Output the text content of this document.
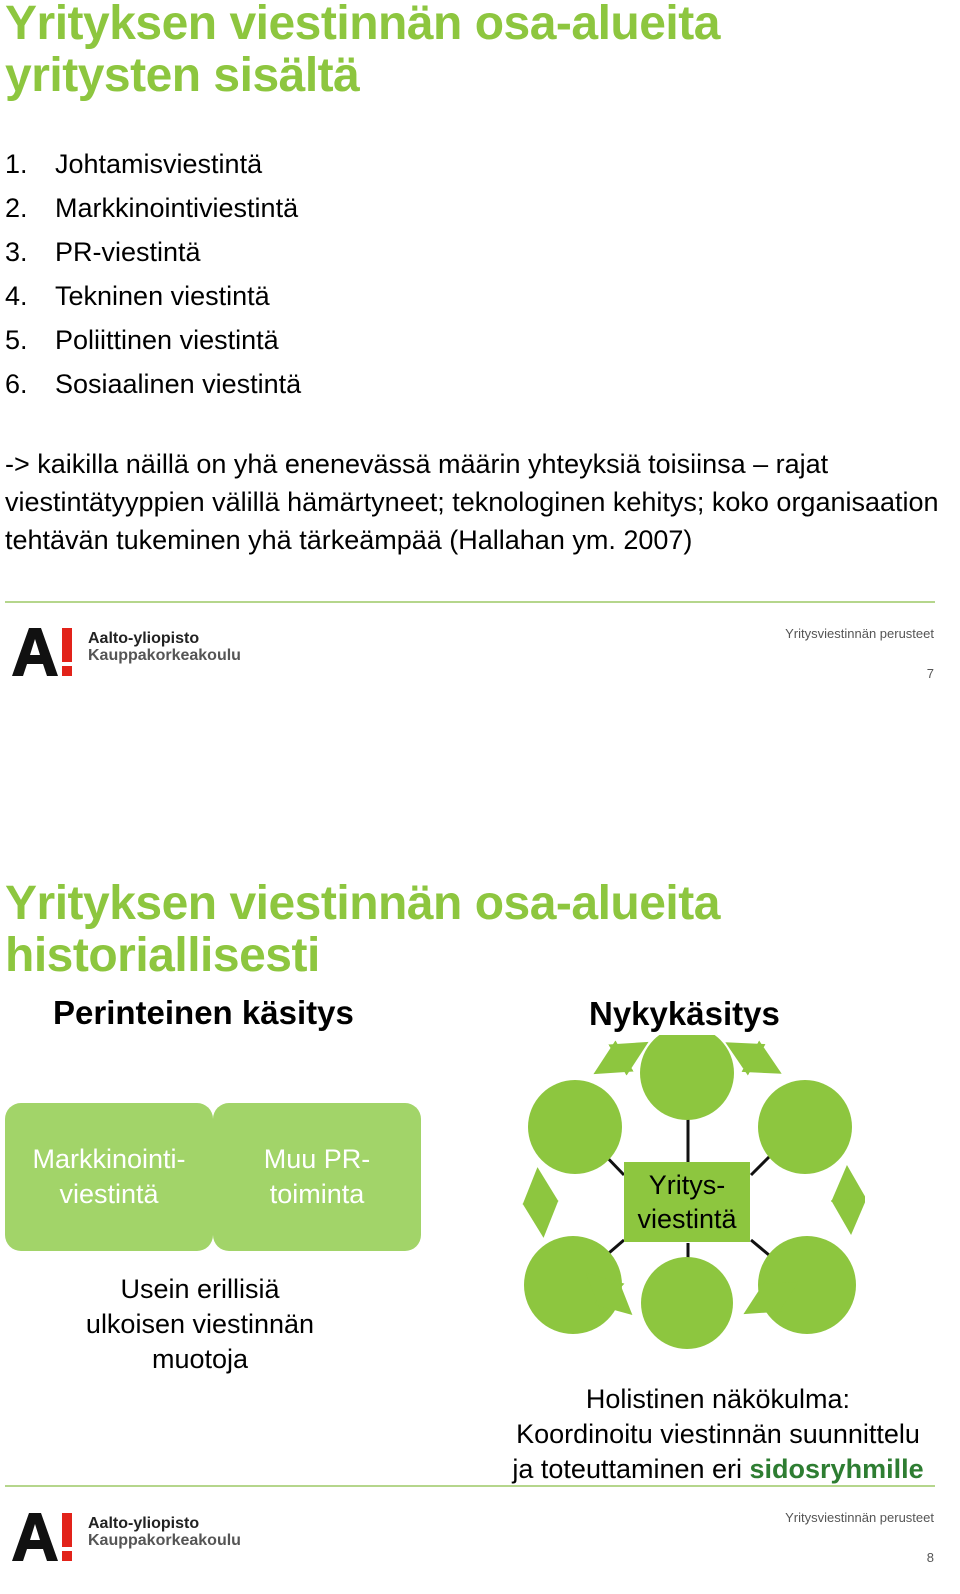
Yrityksen viestinnän osa-alueita
yritysten sisältä
1.	Johtamisviestintä
2.	Markkinointiviestintä
3.	PR-viestintä
4.	Tekninen viestintä
5.	Poliittinen viestintä
6.	Sosiaalinen viestintä

-> kaikilla näillä on yhä enenevässä määrin yhteyksiä toisiinsa – rajat viestintätyyppien välillä hämärtyneet; teknologinen kehitys; koko organisaation tehtävän tukeminen yhä tärkeämpää (Hallahan ym. 2007)

Aalto-yliopisto
Kauppakorkeakoulu
Yritysviestinnän perusteet
7
Yrityksen viestinnän osa-alueita
historiallisesti
Perinteinen käsitys	Nykykäsitys
Markkinointi-viestintä
Muu PR-toiminta
Usein erillisiä
ulkoisen viestinnän
muotoja
Yritys-viestintä
Holistinen näkökulma:
Koordinoitu viestinnän suunnittelu
ja toteuttaminen eri sidosryhmille
Aalto-yliopisto
Kauppakorkeakoulu
Yritysviestinnän perusteet
8
